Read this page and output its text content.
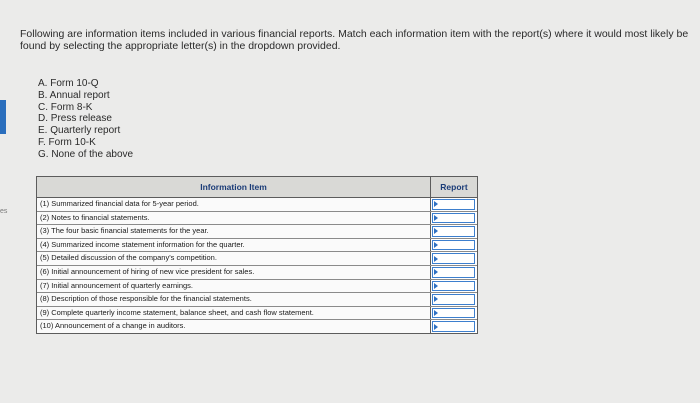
es
Following are information items included in various financial reports. Match each information item with the report(s) where it would most likely be found by selecting the appropriate letter(s) in the dropdown provided.
A. Form 10-Q
B. Annual report
C. Form 8-K
D. Press release
E. Quarterly report
F. Form 10-K
G. None of the above
Information Item	Report
(1) Summarized financial data for 5-year period.
(2) Notes to financial statements.
(3) The four basic financial statements for the year.
(4) Summarized income statement information for the quarter.
(5) Detailed discussion of the company's competition.
(6) Initial announcement of hiring of new vice president for sales.
(7) Initial announcement of quarterly earnings.
(8) Description of those responsible for the financial statements.
(9) Complete quarterly income statement, balance sheet, and cash flow statement.
(10) Announcement of a change in auditors.
